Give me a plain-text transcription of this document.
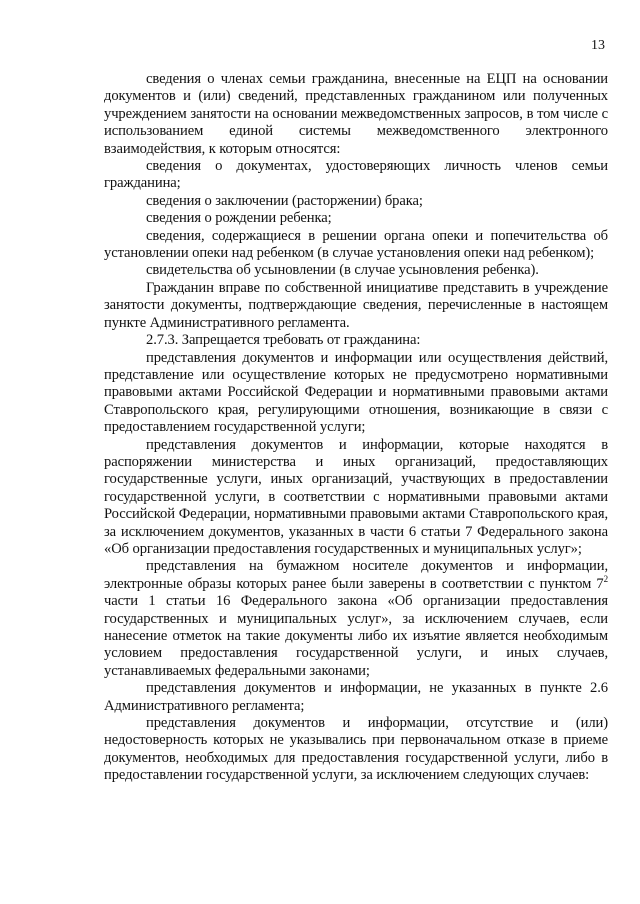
13

сведения о членах семьи гражданина, внесенные на ЕЦП на основании документов и (или) сведений, представленных гражданином или полученных учреждением занятости на основании межведомственных запросов, в том числе с использованием единой системы межведомственного электронного взаимодействия, к которым относятся:

сведения о документах, удостоверяющих личность членов семьи гражданина;

сведения о заключении (расторжении) брака;

сведения о рождении ребенка;

сведения, содержащиеся в решении органа опеки и попечительства об установлении опеки над ребенком (в случае установления опеки над ребенком);

свидетельства об усыновлении (в случае усыновления ребенка).

Гражданин вправе по собственной инициативе представить в учреждение занятости документы, подтверждающие сведения, перечисленные в настоящем пункте Административного регламента.

2.7.3. Запрещается требовать от гражданина:

представления документов и информации или осуществления действий, представление или осуществление которых не предусмотрено нормативными правовыми актами Российской Федерации и нормативными правовыми актами Ставропольского края, регулирующими отношения, возникающие в связи с предоставлением государственной услуги;

представления документов и информации, которые находятся в распоряжении министерства и иных организаций, предоставляющих государственные услуги, иных организаций, участвующих в предоставлении государственной услуги, в соответствии с нормативными правовыми актами Российской Федерации, нормативными правовыми актами Ставропольского края, за исключением документов, указанных в части 6 статьи 7 Федерального закона «Об организации предоставления государственных и муниципальных услуг»;

представления на бумажном носителе документов и информации, электронные образы которых ранее были заверены в соответствии с пунктом $7^2$ части 1 статьи 16 Федерального закона «Об организации предоставления государственных и муниципальных услуг», за исключением случаев, если нанесение отметок на такие документы либо их изъятие является необходимым условием предоставления государственной услуги, и иных случаев, устанавливаемых федеральными законами;

представления документов и информации, не указанных в пункте 2.6 Административного регламента;

представления документов и информации, отсутствие и (или) недостоверность которых не указывались при первоначальном отказе в приеме документов, необходимых для предоставления государственной услуги, либо в предоставлении государственной услуги, за исключением следующих случаев:
